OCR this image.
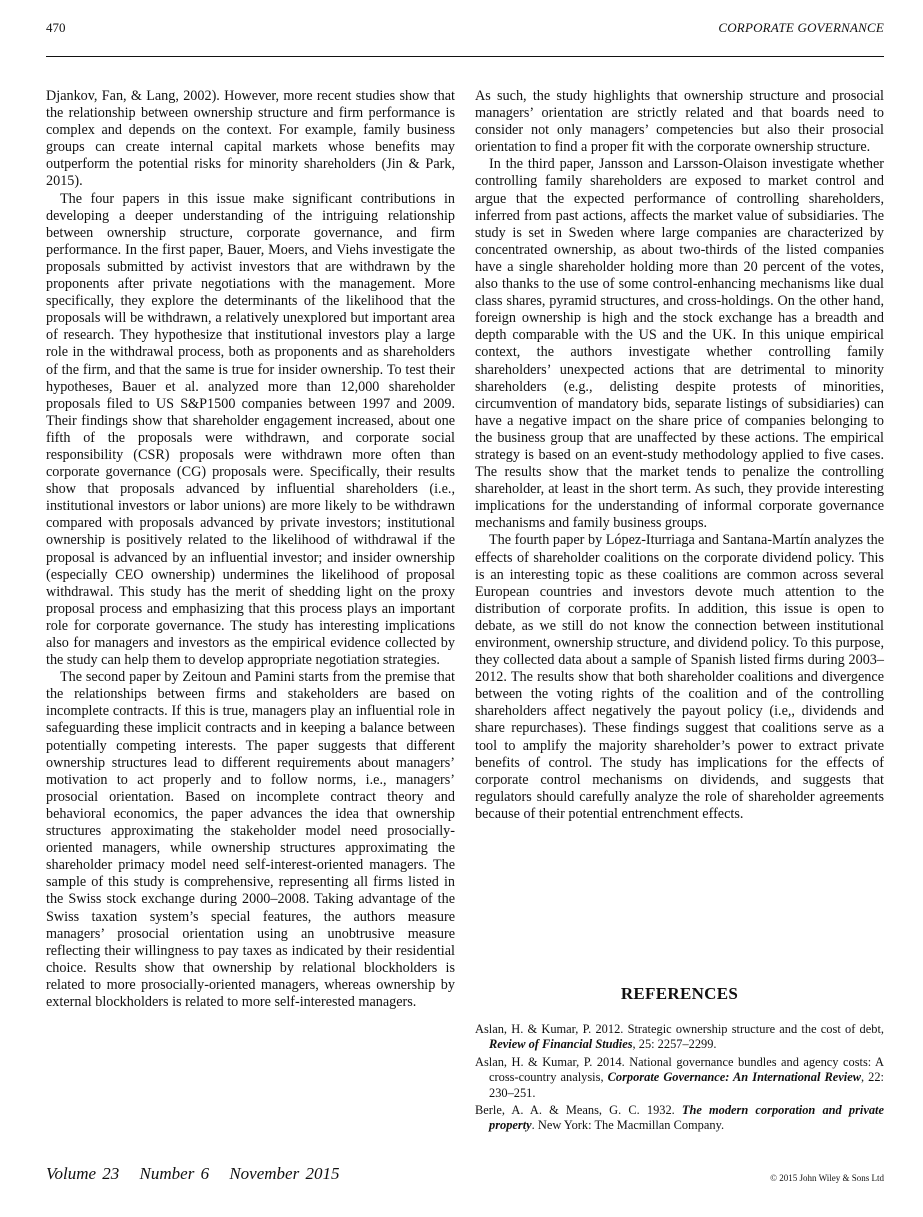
470	CORPORATE GOVERNANCE

Djankov, Fan, & Lang, 2002). However, more recent studies show that the relationship between ownership structure and firm performance is complex and depends on the context. For example, family business groups can create internal capital markets whose benefits may outperform the potential risks for minority shareholders (Jin & Park, 2015).

The four papers in this issue make significant contributions in developing a deeper understanding of the intriguing relationship between ownership structure, corporate governance, and firm performance. In the first paper, Bauer, Moers, and Viehs investigate the proposals submitted by activist investors that are withdrawn by the proponents after private negotiations with the management. More specifically, they explore the determinants of the likelihood that the proposals will be withdrawn, a relatively unexplored but important area of research. They hypothesize that institutional investors play a large role in the withdrawal process, both as proponents and as shareholders of the firm, and that the same is true for insider ownership. To test their hypotheses, Bauer et al. analyzed more than 12,000 shareholder proposals filed to US S&P1500 companies between 1997 and 2009. Their findings show that shareholder engagement increased, about one fifth of the proposals were withdrawn, and corporate social responsibility (CSR) proposals were withdrawn more often than corporate governance (CG) proposals were. Specifically, their results show that proposals advanced by influential shareholders (i.e., institutional investors or labor unions) are more likely to be withdrawn compared with proposals advanced by private investors; institutional ownership is positively related to the likelihood of withdrawal if the proposal is advanced by an influential investor; and insider ownership (especially CEO ownership) undermines the likelihood of proposal withdrawal. This study has the merit of shedding light on the proxy proposal process and emphasizing that this process plays an important role for corporate governance. The study has interesting implications also for managers and investors as the empirical evidence collected by the study can help them to develop appropriate negotiation strategies.

The second paper by Zeitoun and Pamini starts from the premise that the relationships between firms and stakeholders are based on incomplete contracts. If this is true, managers play an influential role in safeguarding these implicit contracts and in keeping a balance between potentially competing interests. The paper suggests that different ownership structures lead to different requirements about managers’ motivation to act properly and to follow norms, i.e., managers’ prosocial orientation. Based on incomplete contract theory and behavioral economics, the paper advances the idea that ownership structures approximating the stakeholder model need prosocially-oriented managers, while ownership structures approximating the shareholder primacy model need self-interest-oriented managers. The sample of this study is comprehensive, representing all firms listed in the Swiss stock exchange during 2000–2008. Taking advantage of the Swiss taxation system’s special features, the authors measure managers’ prosocial orientation using an unobtrusive measure reflecting their willingness to pay taxes as indicated by their residential choice. Results show that ownership by relational blockholders is related to more prosocially-oriented managers, whereas ownership by external blockholders is related to more self-interested managers.

As such, the study highlights that ownership structure and prosocial managers’ orientation are strictly related and that boards need to consider not only managers’ competencies but also their prosocial orientation to find a proper fit with the corporate ownership structure.

In the third paper, Jansson and Larsson-Olaison investigate whether controlling family shareholders are exposed to market control and argue that the expected performance of controlling shareholders, inferred from past actions, affects the market value of subsidiaries. The study is set in Sweden where large companies are characterized by concentrated ownership, as about two-thirds of the listed companies have a single shareholder holding more than 20 percent of the votes, also thanks to the use of some control-enhancing mechanisms like dual class shares, pyramid structures, and cross-holdings. On the other hand, foreign ownership is high and the stock exchange has a breadth and depth comparable with the US and the UK. In this unique empirical context, the authors investigate whether controlling family shareholders’ unexpected actions that are detrimental to minority shareholders (e.g., delisting despite protests of minorities, circumvention of mandatory bids, separate listings of subsidiaries) can have a negative impact on the share price of companies belonging to the business group that are unaffected by these actions. The empirical strategy is based on an event-study methodology applied to five cases. The results show that the market tends to penalize the controlling shareholder, at least in the short term. As such, they provide interesting implications for the understanding of informal corporate governance mechanisms and family business groups.

The fourth paper by López-Iturriaga and Santana-Martín analyzes the effects of shareholder coalitions on the corporate dividend policy. This is an interesting topic as these coalitions are common across several European countries and investors devote much attention to the distribution of corporate profits. In addition, this issue is open to debate, as we still do not know the connection between institutional environment, ownership structure, and dividend policy. To this purpose, they collected data about a sample of Spanish listed firms during 2003–2012. The results show that both shareholder coalitions and divergence between the voting rights of the coalition and of the controlling shareholders affect negatively the payout policy (i.e,, dividends and share repurchases). These findings suggest that coalitions serve as a tool to amplify the majority shareholder’s power to extract private benefits of control. The study has implications for the effects of corporate control mechanisms on dividends, and suggests that regulators should carefully analyze the role of shareholder agreements because of their potential entrenchment effects.

REFERENCES

Aslan, H. & Kumar, P. 2012. Strategic ownership structure and the cost of debt, Review of Financial Studies, 25: 2257–2299.

Aslan, H. & Kumar, P. 2014. National governance bundles and agency costs: A cross-country analysis, Corporate Governance: An International Review, 22: 230–251.

Berle, A. A. & Means, G. C. 1932. The modern corporation and private property. New York: The Macmillan Company.

Volume 23 Number 6 November 2015	© 2015 John Wiley & Sons Ltd
